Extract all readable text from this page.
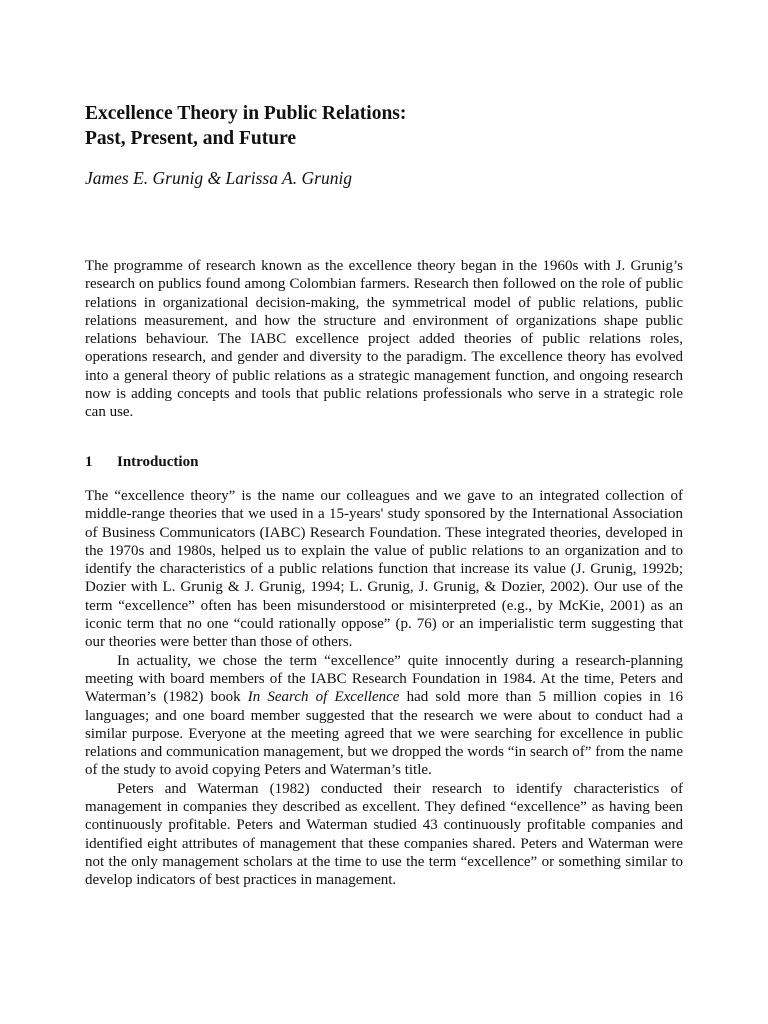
Excellence Theory in Public Relations:
Past, Present, and Future

James E. Grunig & Larissa A. Grunig

The programme of research known as the excellence theory began in the 1960s with J. Grunig’s research on publics found among Colombian farmers. Research then followed on the role of public relations in organizational decision-making, the symmetrical model of public relations, public relations measurement, and how the structure and environment of organizations shape public relations behaviour. The IABC excellence project added theories of public relations roles, operations research, and gender and diversity to the paradigm. The excellence theory has evolved into a general theory of public relations as a strategic management function, and ongoing research now is adding concepts and tools that public relations professionals who serve in a strategic role can use.

1 Introduction

The “excellence theory” is the name our colleagues and we gave to an integrated collection of middle-range theories that we used in a 15-years' study sponsored by the International Association of Business Communicators (IABC) Research Foundation. These integrated theories, developed in the 1970s and 1980s, helped us to explain the value of public relations to an organization and to identify the characteristics of a public relations function that increase its value (J. Grunig, 1992b; Dozier with L. Grunig & J. Grunig, 1994; L. Grunig, J. Grunig, & Dozier, 2002). Our use of the term “excellence” often has been misunderstood or misinterpreted (e.g., by McKie, 2001) as an iconic term that no one “could rationally oppose” (p. 76) or an imperialistic term suggesting that our theories were better than those of others.

In actuality, we chose the term “excellence” quite innocently during a research-planning meeting with board members of the IABC Research Foundation in 1984. At the time, Peters and Waterman’s (1982) book In Search of Excellence had sold more than 5 million copies in 16 languages; and one board member suggested that the research we were about to conduct had a similar purpose. Everyone at the meeting agreed that we were searching for excellence in public relations and communication management, but we dropped the words “in search of” from the name of the study to avoid copying Peters and Waterman’s title.

Peters and Waterman (1982) conducted their research to identify characteristics of management in companies they described as excellent. They defined “excellence” as having been continuously profitable. Peters and Waterman studied 43 continuously profitable companies and identified eight attributes of management that these companies shared. Peters and Waterman were not the only management scholars at the time to use the term “excellence” or something similar to develop indicators of best practices in management.
